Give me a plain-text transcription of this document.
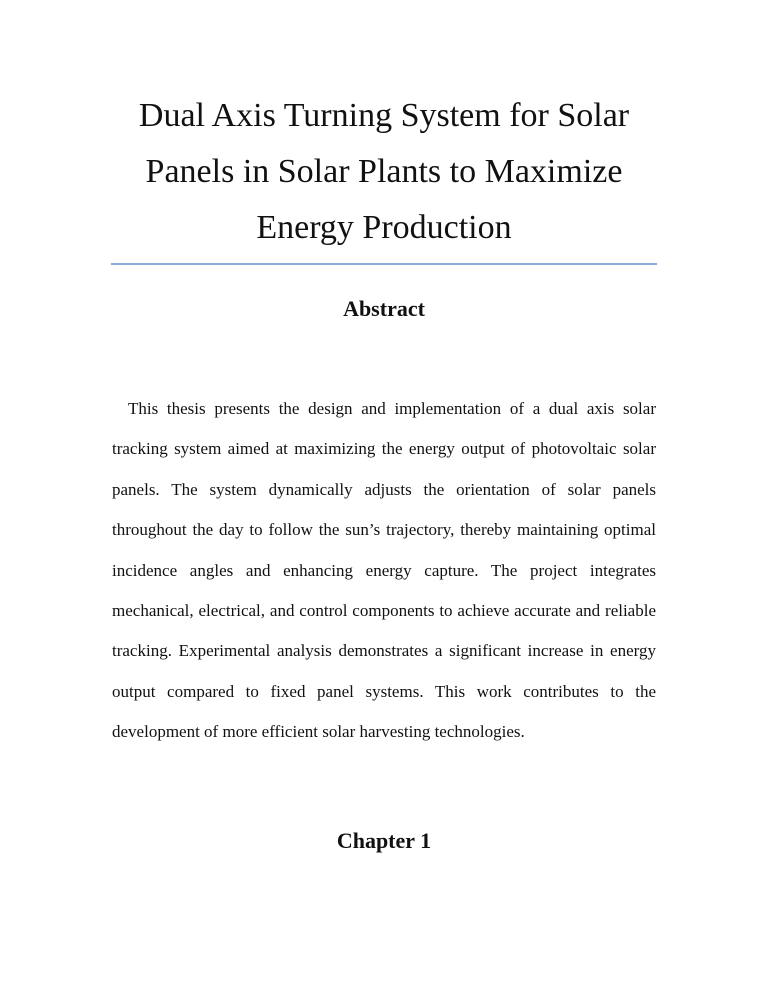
Dual Axis Turning System for Solar Panels in Solar Plants to Maximize Energy Production
Abstract

This thesis presents the design and implementation of a dual axis solar tracking system aimed at maximizing the energy output of photovoltaic solar panels. The system dynamically adjusts the orientation of solar panels throughout the day to follow the sun’s trajectory, thereby maintaining optimal incidence angles and enhancing energy capture. The project integrates mechanical, electrical, and control components to achieve accurate and reliable tracking. Experimental analysis demonstrates a significant increase in energy output compared to fixed panel systems. This work contributes to the development of more efficient solar harvesting technologies.

Chapter 1
